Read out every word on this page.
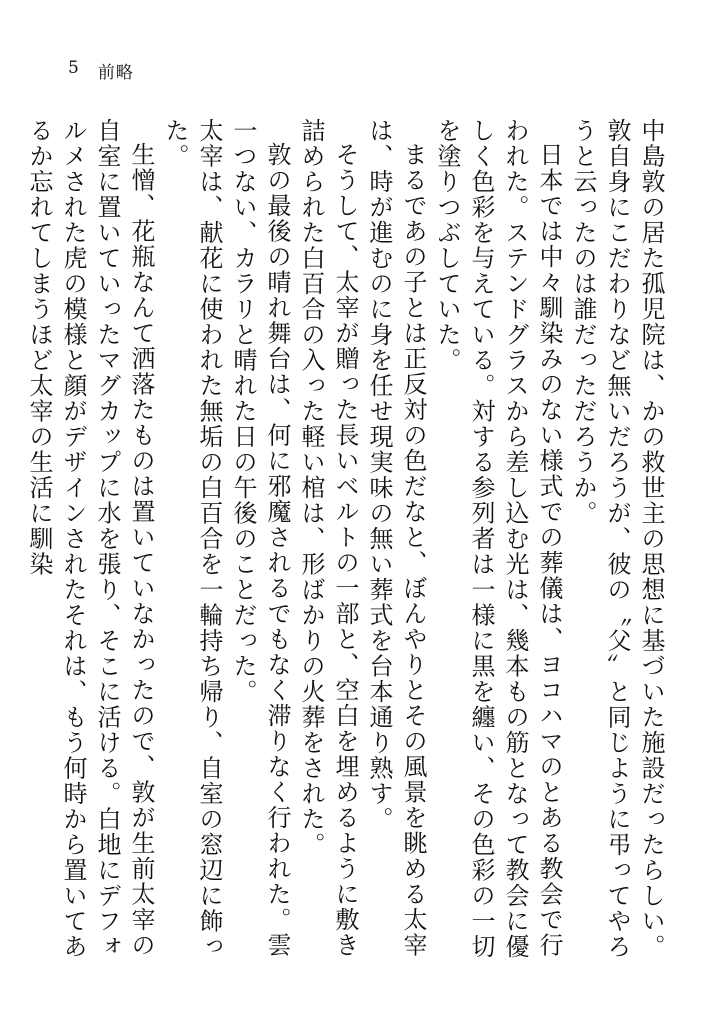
5 前略

中島敦の居た孤児院は、かの救世主の思想に基づいた施設だったらしい。敦自身にこだわりなど無いだろうが、彼の〝父〟と同じように弔ってやろうと云ったのは誰だっただろうか。

日本では中々馴染みのない様式での葬儀は、ヨコハマのとある教会で行われた。ステンドグラスから差し込む光は、幾本もの筋となって教会に優しく色彩を与えている。対する参列者は一様に黒を纏い、その色彩の一切を塗りつぶしていた。

まるであの子とは正反対の色だなと、ぼんやりとその風景を眺める太宰は、時が進むのに身を任せ現実味の無い葬式を台本通り熟す。

そうして、太宰が贈った長いベルトの一部と、空白を埋めるように敷き詰められた白百合の入った軽い棺は、形ばかりの火葬をされた。

敦の最後の晴れ舞台は、何に邪魔されるでもなく滞りなく行われた。雲一つない、カラリと晴れた日の午後のことだった。

太宰は、献花に使われた無垢の白百合を一輪持ち帰り、自室の窓辺に飾った。

生憎、花瓶なんて洒落たものは置いていなかったので、敦が生前太宰の自室に置いていったマグカップに水を張り、そこに活ける。白地にデフォルメされた虎の模様と顔がデザインされたそれは、もう何時から置いてあるか忘れてしまうほど太宰の生活に馴染
